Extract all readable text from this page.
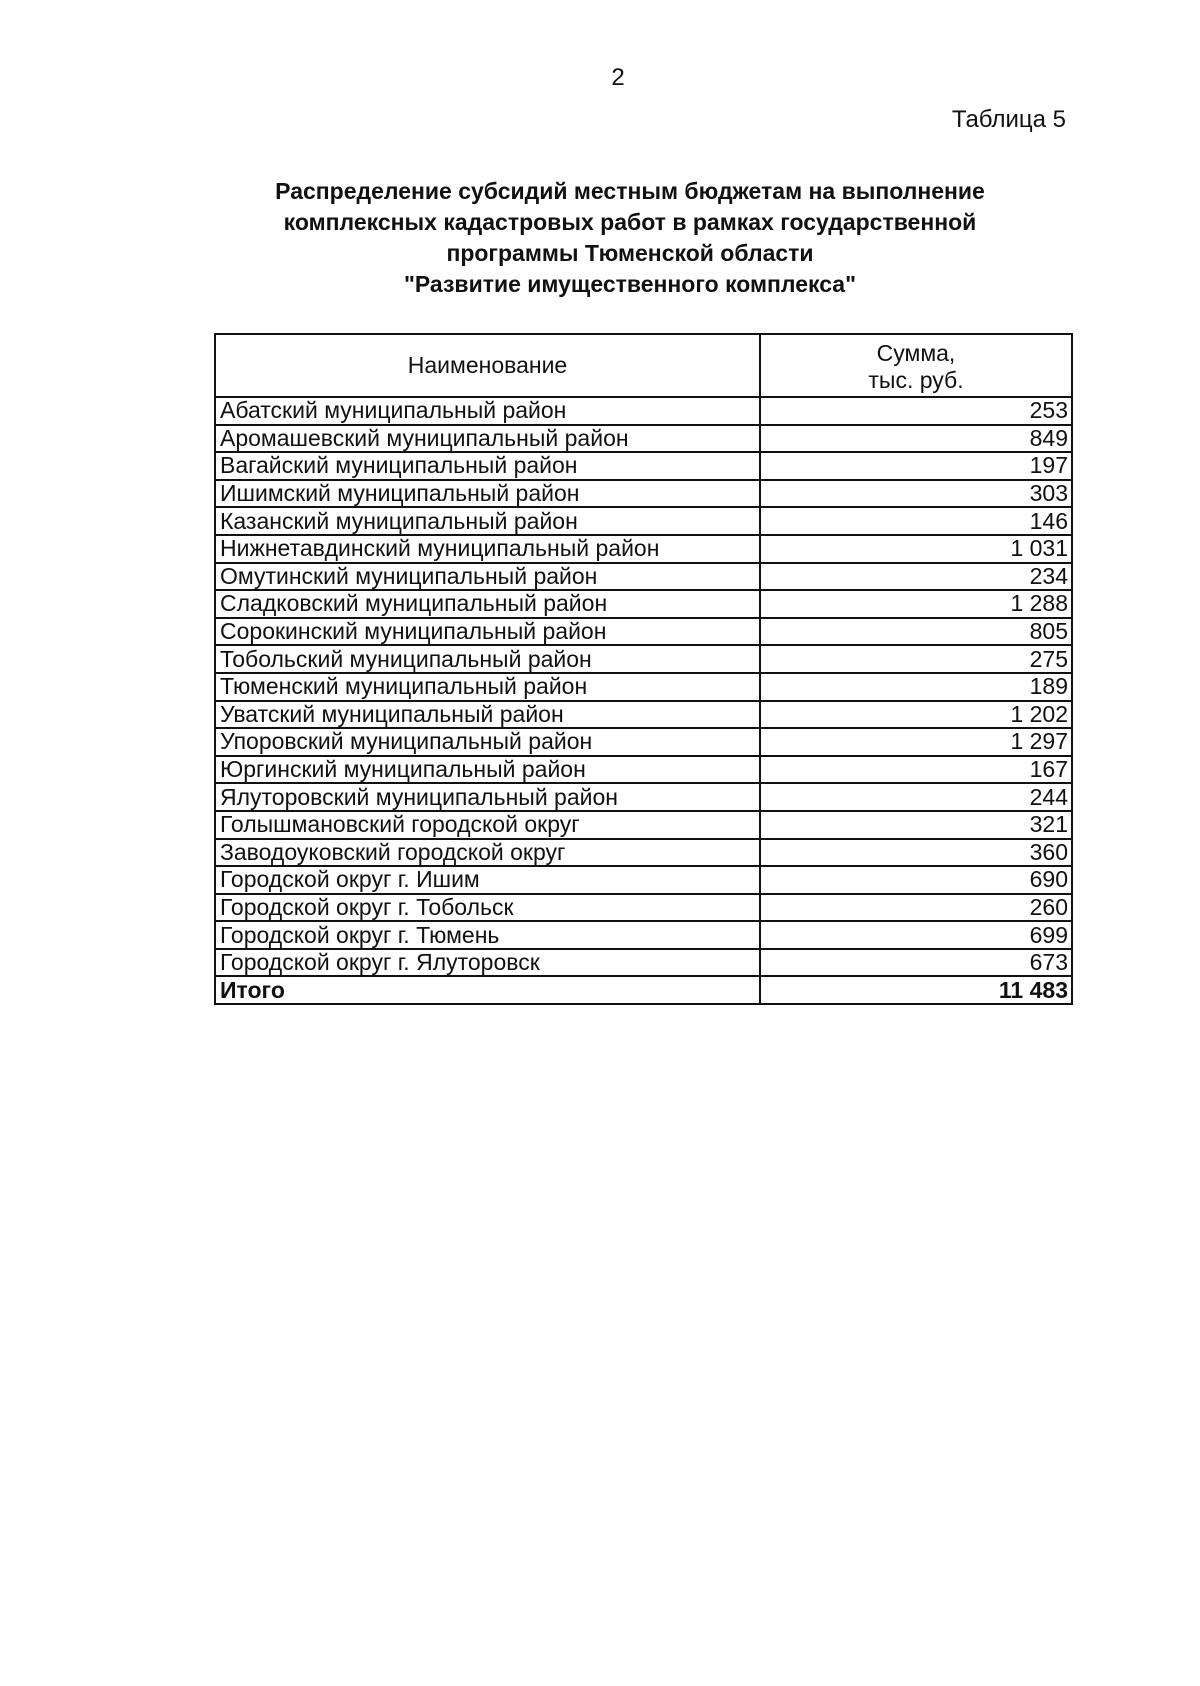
2
Таблица 5
Распределение субсидий местным бюджетам на выполнение
комплексных кадастровых работ в рамках государственной
программы Тюменской области
"Развитие имущественного комплекса"
Наименование	Сумма,
тыс. руб.

Абатский муниципальный район	253
Аромашевский муниципальный район	849
Вагайский муниципальный район	197
Ишимский муниципальный район	303
Казанский муниципальный район	146
Нижнетавдинский муниципальный район	1 031
Омутинский муниципальный район	234
Сладковский муниципальный район	1 288
Сорокинский муниципальный район	805
Тобольский муниципальный район	275
Тюменский муниципальный район	189
Уватский муниципальный район	1 202
Упоровский муниципальный район	1 297
Юргинский муниципальный район	167
Ялуторовский муниципальный район	244
Голышмановский городской округ	321
Заводоуковский городской округ	360
Городской округ г. Ишим	690
Городской округ г. Тобольск	260
Городской округ г. Тюмень	699
Городской округ г. Ялуторовск	673
Итого	11 483
